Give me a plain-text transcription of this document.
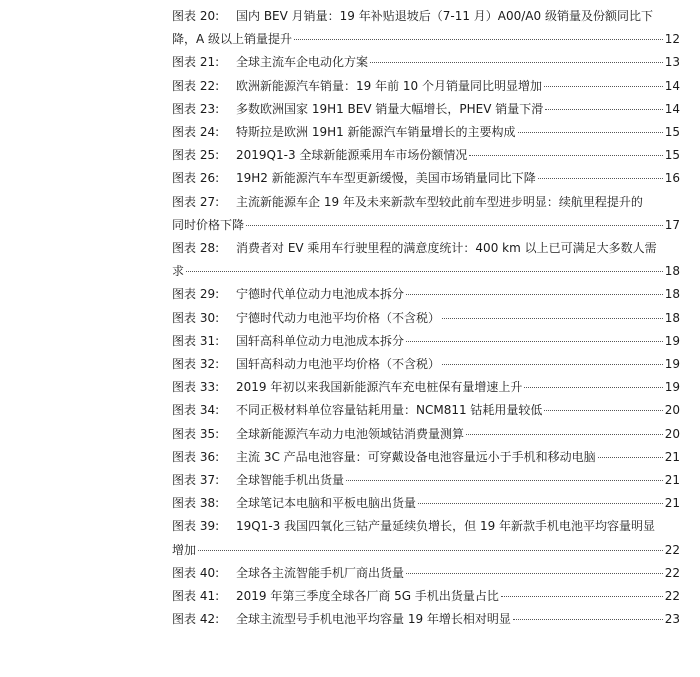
图表 20: 国内 BEV 月销量：19 年补贴退坡后（7-11 月）A00/A0 级销量及份额同比下
降，A 级以上销量提升	12
图表 21: 全球主流车企电动化方案	13
图表 22: 欧洲新能源汽车销量：19 年前 10 个月销量同比明显增加	14
图表 23: 多数欧洲国家 19H1 BEV 销量大幅增长，PHEV 销量下滑	14
图表 24: 特斯拉是欧洲 19H1 新能源汽车销量增长的主要构成	15
图表 25: 2019Q1-3 全球新能源乘用车市场份额情况	15
图表 26: 19H2 新能源汽车车型更新缓慢，美国市场销量同比下降	16
图表 27: 主流新能源车企 19 年及未来新款车型较此前车型进步明显：续航里程提升的
同时价格下降	17
图表 28: 消费者对 EV 乘用车行驶里程的满意度统计：400 km 以上已可满足大多数人需
求	18
图表 29: 宁德时代单位动力电池成本拆分	18
图表 30: 宁德时代动力电池平均价格（不含税）	18
图表 31: 国轩高科单位动力电池成本拆分	19
图表 32: 国轩高科动力电池平均价格（不含税）	19
图表 33: 2019 年初以来我国新能源汽车充电桩保有量增速上升	19
图表 34: 不同正极材料单位容量钴耗用量：NCM811 钴耗用量较低	20
图表 35: 全球新能源汽车动力电池领域钴消费量测算	20
图表 36: 主流 3C 产品电池容量：可穿戴设备电池容量远小于手机和移动电脑	21
图表 37: 全球智能手机出货量	21
图表 38: 全球笔记本电脑和平板电脑出货量	21
图表 39: 19Q1-3 我国四氧化三钴产量延续负增长，但 19 年新款手机电池平均容量明显
增加	22
图表 40: 全球各主流智能手机厂商出货量	22
图表 41: 2019 年第三季度全球各厂商 5G 手机出货量占比	22
图表 42: 全球主流型号手机电池平均容量 19 年增长相对明显	23
